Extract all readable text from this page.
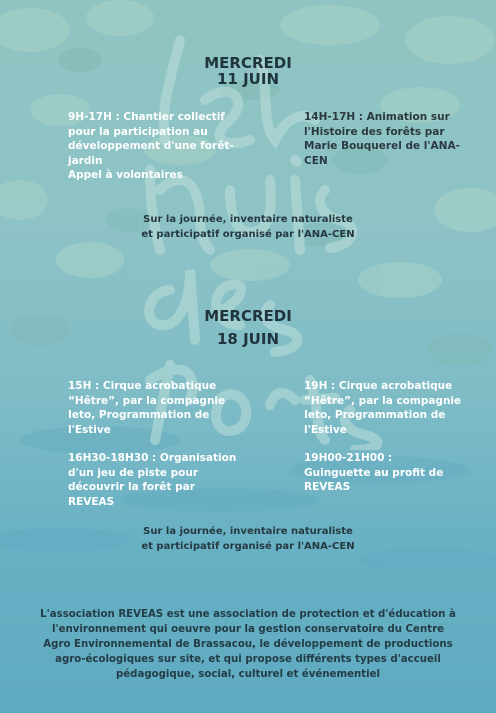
MERCREDI
11 JUIN
9H-17H : Chantier collectif pour la participation au développement d'une forêt-jardin
Appel à volontaires
14H-17H : Animation sur l'Histoire des forêts par Marie Bouquerel de l'ANA-CEN
Sur la journée, inventaire naturaliste
et participatif organisé par l'ANA-CEN
MERCREDI
18 JUIN
15H : Cirque acrobatique “Hêtre”, par la compagnie Ieto, Programmation de l'Estive
19H : Cirque acrobatique “Hêtre”, par la compagnie Ieto, Programmation de l'Estive
16H30-18H30 : Organisation d'un jeu de piste pour découvrir la forêt par REVEAS
19H00-21H00 :
Guinguette au profit de REVEAS
Sur la journée, inventaire naturaliste
et participatif organisé par l'ANA-CEN
L'association REVEAS est une association de protection et d'éducation à l'environnement qui oeuvre pour la gestion conservatoire du Centre Agro Environnemental de Brassacou, le développement de productions agro-écologiques sur site, et qui propose différents types d'accueil pédagogique, social, culturel et événementiel
